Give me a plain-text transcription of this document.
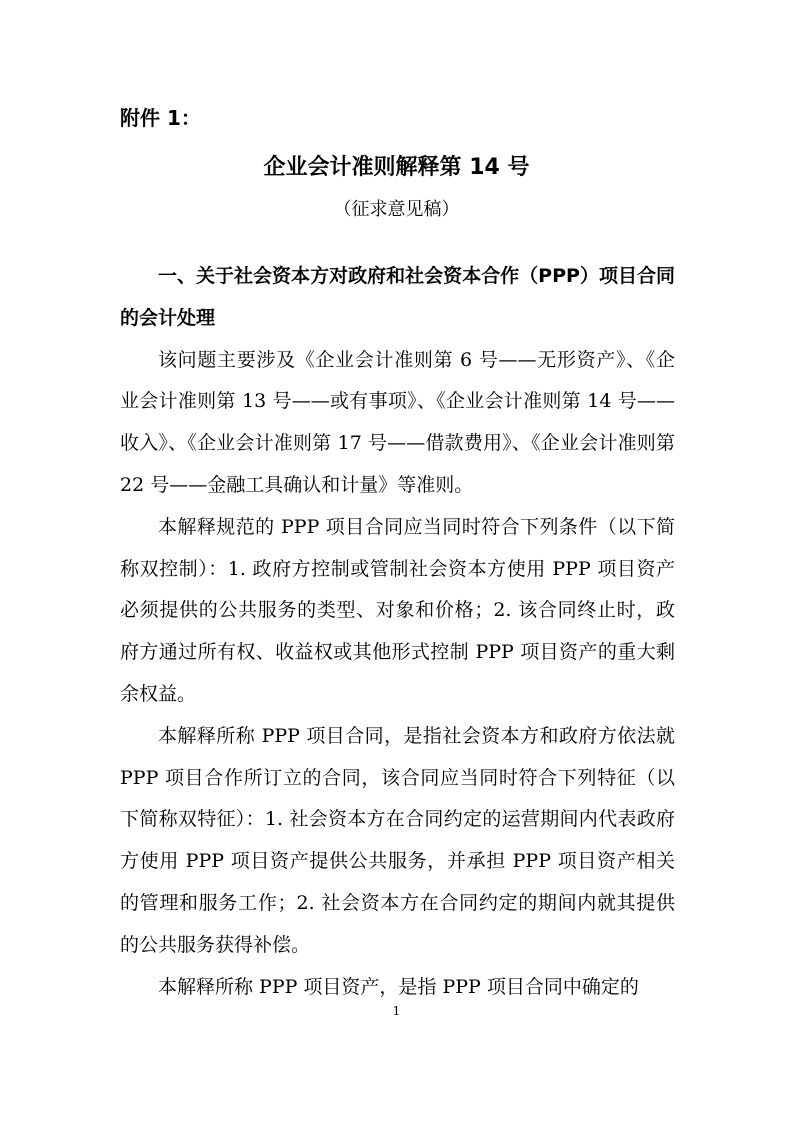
附件 1：
企业会计准则解释第 14 号
（征求意见稿）

一、关于社会资本方对政府和社会资本合作（PPP）项目合同的会计处理

该问题主要涉及《企业会计准则第 6 号——无形资产》、《企业会计准则第 13 号——或有事项》、《企业会计准则第 14 号——收入》、《企业会计准则第 17 号——借款费用》、《企业会计准则第 22 号——金融工具确认和计量》等准则。

本解释规范的 PPP 项目合同应当同时符合下列条件（以下简称双控制）：1. 政府方控制或管制社会资本方使用 PPP 项目资产必须提供的公共服务的类型、对象和价格；2. 该合同终止时，政府方通过所有权、收益权或其他形式控制 PPP 项目资产的重大剩余权益。

本解释所称 PPP 项目合同，是指社会资本方和政府方依法就 PPP 项目合作所订立的合同，该合同应当同时符合下列特征（以下简称双特征）：1. 社会资本方在合同约定的运营期间内代表政府方使用 PPP 项目资产提供公共服务，并承担 PPP 项目资产相关的管理和服务工作；2. 社会资本方在合同约定的期间内就其提供的公共服务获得补偿。

本解释所称 PPP 项目资产，是指 PPP 项目合同中确定的

1
